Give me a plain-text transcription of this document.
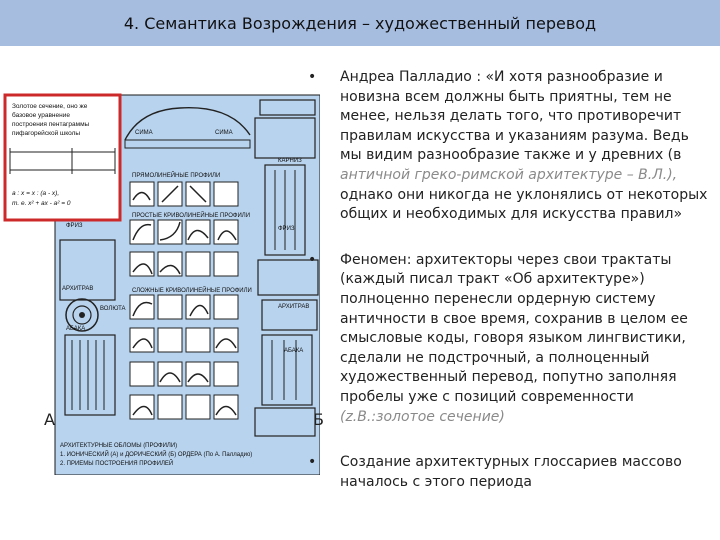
4. Семантика Возрождения – художественный перевод
СИМА	СИМА
КАРНИЗ
ФРИЗ	ФРИЗ
АРХИТРАВ
АРХИТРАВ
АБАКА
АБАКА
ВОЛЮТА
ПРЯМОЛИНЕЙНЫЕ ПРОФИЛИ
ПРОСТЫЕ КРИВОЛИНЕЙНЫЕ ПРОФИЛИ
СЛОЖНЫЕ КРИВОЛИНЕЙНЫЕ ПРОФИЛИ
АРХИТЕКТУРНЫЕ ОБЛОМЫ (ПРОФИЛИ)
1. ИОНИЧЕСКИЙ (А) и ДОРИЧЕСКИЙ (Б) ОРДЕРА (По А. Палладио)
2. ПРИЕМЫ ПОСТРОЕНИЯ ПРОФИЛЕЙ
Золотое сечение, оно же
базовое уравнение
построения пентаграммы
пифагорейской школы
a : x = x : (a - x),
т. е. x² + ax - a² = 0
А	Б
• Андреа Палладио : «И хотя разнообразие и
новизна всем должны быть приятны, тем не
менее, нельзя делать того, что противоречит
правилам искусства и указаниям разума. Ведь
мы видим разнообразие также и у древних (в
античной греко-римской архитектуре – В.Л.),
однако они никогда не уклонялись от некоторых
общих и необходимых для искусства правил»
• Феномен: архитекторы через свои трактаты
(каждый писал тракт «Об архитектуре»)
полноценно перенесли ордерную систему
античности в свое время, сохранив в целом ее
смысловые коды, говоря языком лингвистики,
сделали не подстрочный, а полноценный
художественный перевод, попутно заполняя
пробелы уже с позиций современности
(z.B.:золотое сечение)
• Создание архитектурных глоссариев массово
началось с этого периода
